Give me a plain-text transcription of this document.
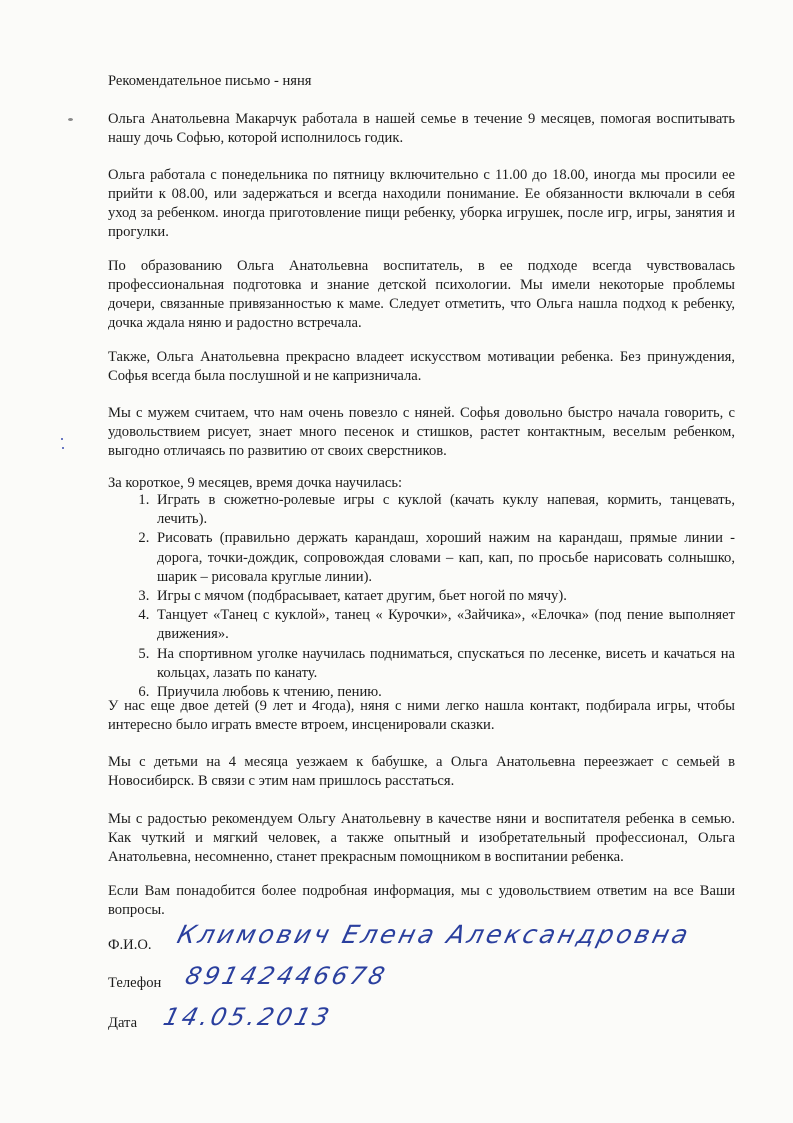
Рекомендательное письмо - няня
Ольга Анатольевна Макарчук работала в нашей семье в течение 9 месяцев, помогая воспитывать нашу дочь Софью, которой исполнилось годик.
Ольга работала с понедельника по пятницу включительно с 11.00 до 18.00, иногда мы просили ее прийти к 08.00, или задержаться и всегда находили понимание. Ее обязанности включали в себя уход за ребенком. иногда приготовление пищи ребенку, уборка игрушек, после игр, игры, занятия и прогулки.
По образованию Ольга Анатольевна воспитатель, в ее подходе всегда чувствовалась профессиональная подготовка и знание детской психологии. Мы имели некоторые проблемы дочери, связанные привязанностью к маме. Следует отметить, что Ольга нашла подход к ребенку, дочка ждала няню и радостно встречала.
Также, Ольга Анатольевна прекрасно владеет искусством мотивации ребенка. Без принуждения, Софья всегда была послушной и не капризничала.
Мы с мужем считаем, что нам очень повезло с няней. Софья довольно быстро начала говорить, с удовольствием рисует, знает много песенок и стишков, растет контактным, веселым ребенком, выгодно отличаясь по развитию от своих сверстников.
За короткое, 9 месяцев, время дочка научилась:
1. Играть в сюжетно-ролевые игры с куклой (качать куклу напевая, кормить, танцевать, лечить).
2. Рисовать (правильно держать карандаш, хороший нажим на карандаш, прямые линии - дорога, точки-дождик, сопровождая словами – кап, кап, по просьбе нарисовать солнышко, шарик – рисовала круглые линии).
3. Игры с мячом (подбрасывает, катает другим, бьет ногой по мячу).
4. Танцует «Танец с куклой», танец « Курочки», «Зайчика», «Елочка» (под пение выполняет движения».
5. На спортивном уголке научилась подниматься, спускаться по лесенке, висеть и качаться на кольцах, лазать по канату.
6. Приучила любовь к чтению, пению.
У нас еще двое детей (9 лет и 4года), няня с ними легко нашла контакт, подбирала игры, чтобы интересно было играть вместе втроем, инсценировали сказки.
Мы с детьми на 4 месяца уезжаем к бабушке, а Ольга Анатольевна переезжает с семьей в Новосибирск. В связи с этим нам пришлось расстаться.
Мы с радостью рекомендуем Ольгу Анатольевну в качестве няни и воспитателя ребенка в семью. Как чуткий и мягкий человек, а также опытный и изобретательный профессионал, Ольга Анатольевна, несомненно, станет прекрасным помощником в воспитании ребенка.
Если Вам понадобится более подробная информация, мы с удовольствием ответим на все Ваши вопросы.
Ф.И.О. Климович Елена Александровна
Телефон 89142446678
Дата 14.05.2013
